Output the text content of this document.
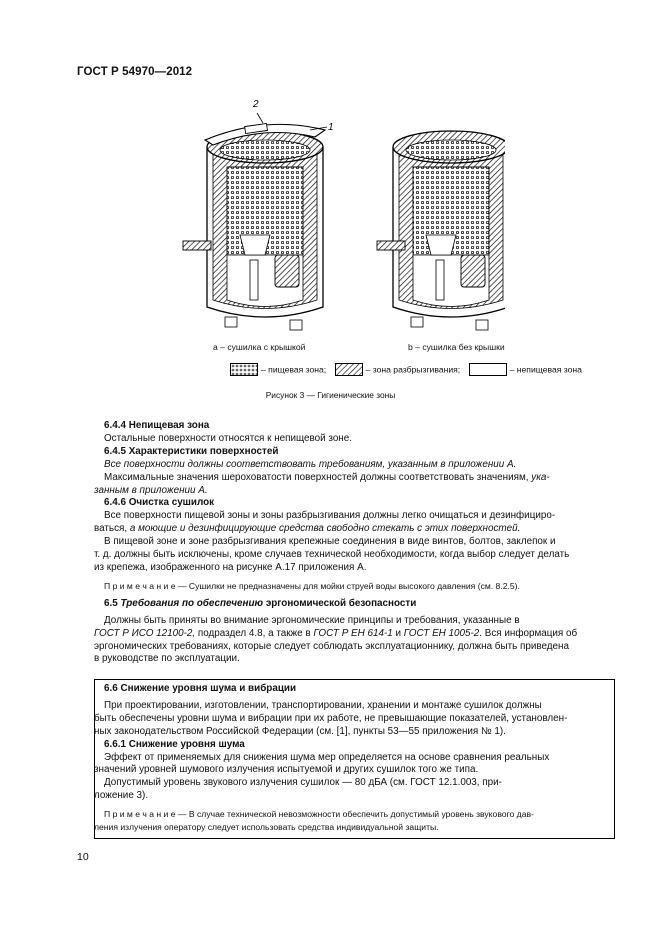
ГОСТ Р 54970—2012
2
1
a – сушилка с крышкой	b – сушилка без крышки
– пищевая зона;	– зона разбрызгивания;	– непищевая зона
Рисунок 3 — Гигиенические зоны

6.4.4 Непищевая зона

Остальные поверхности относятся к непищевой зоне.

6.4.5 Характеристики поверхностей

Все поверхности должны соответствовать требованиям, указанным в приложении А.

Максимальные значения шероховатости поверхностей должны соответствовать значениям, ука-

занным в приложении А.

6.4.6 Очистка сушилок

Все поверхности пищевой зоны и зоны разбрызгивания должны легко очищаться и дезинфициро-

ваться, а моющие и дезинфицирующие средства свободно стекать с этих поверхностей.

В пищевой зоне и зоне разбрызгивания крепежные соединения в виде винтов, болтов, заклепок и

т. д. должны быть исключены, кроме случаев технической необходимости, когда выбор следует делать

из крепежа, изображенного на рисунке А.17 приложения А.

П р и м е ч а н и е — Сушилки не предназначены для мойки струей воды высокого давления (см. 8.2.5).

6.5 Требования по обеспечению эргономической безопасности

Должны быть приняты во внимание эргономические принципы и требования, указанные в

ГОСТ Р ИСО 12100-2, подраздел 4.8, а также в ГОСТ Р ЕН 614-1 и ГОСТ ЕН 1005-2. Вся информация об

эргономических требованиях, которые следует соблюдать эксплуатационнику, должна быть приведена

в руководстве по эксплуатации.

6.6 Снижение уровня шума и вибрации

При проектировании, изготовлении, транспортировании, хранении и монтаже сушилок должны

быть обеспечены уровни шума и вибрации при их работе, не превышающие показателей, установлен-

ных законодательством Российской Федерации (см. [1], пункты 53—55 приложения № 1).

6.6.1 Снижение уровня шума

Эффект от применяемых для снижения шума мер определяется на основе сравнения реальных

значений уровней шумового излучения испытуемой и других сушилок того же типа.

Допустимый уровень звукового излучения сушилок — 80 дБА (см. ГОСТ 12.1.003, при-

ложение 3).

П р и м е ч а н и е — В случае технической невозможности обеспечить допустимый уровень звукового дав-

ления излучения оператору следует использовать средства индивидуальной защиты.

10
